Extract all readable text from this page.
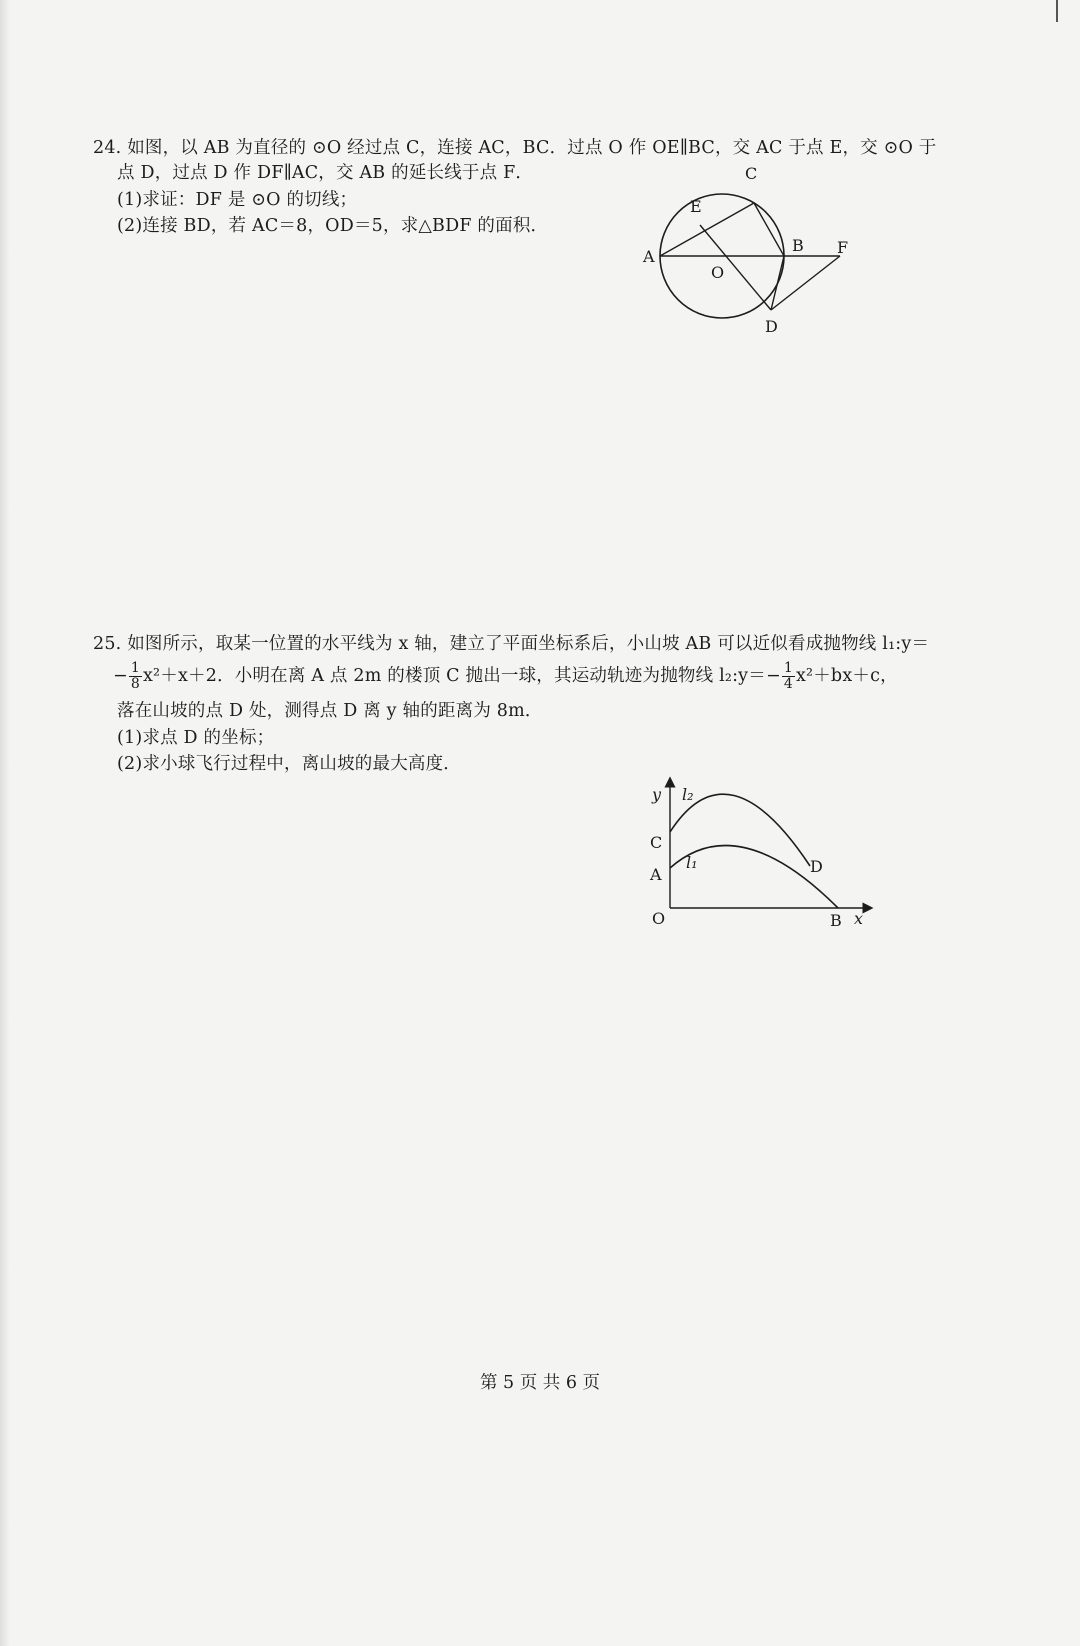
24. 如图，以 AB 为直径的 ⊙O 经过点 C，连接 AC，BC．过点 O 作 OE∥BC，交 AC 于点 E，交 ⊙O 于
点 D，过点 D 作 DF∥AC，交 AB 的延长线于点 F．
(1)求证：DF 是 ⊙O 的切线；
(2)连接 BD，若 AC＝8，OD＝5，求△BDF 的面积．
A
B
C
D
E
F
O
25. 如图所示，取某一位置的水平线为 x 轴，建立了平面坐标系后，小山坡 AB 可以近似看成抛物线 l₁:y＝
− $\frac{1}{8} x^2+x+2$．小明在离 A 点 2m 的楼顶 C 抛出一球，其运动轨迹为抛物线 l₂:y＝− $\frac{1}{4} x^2+bx+c$，
落在山坡的点 D 处，测得点 D 离 y 轴的距离为 8m．
(1)求点 D 的坐标；
(2)求小球飞行过程中，离山坡的最大高度．
y l₂
C
l₁
A	D
O	B x
第 5 页 共 6 页
